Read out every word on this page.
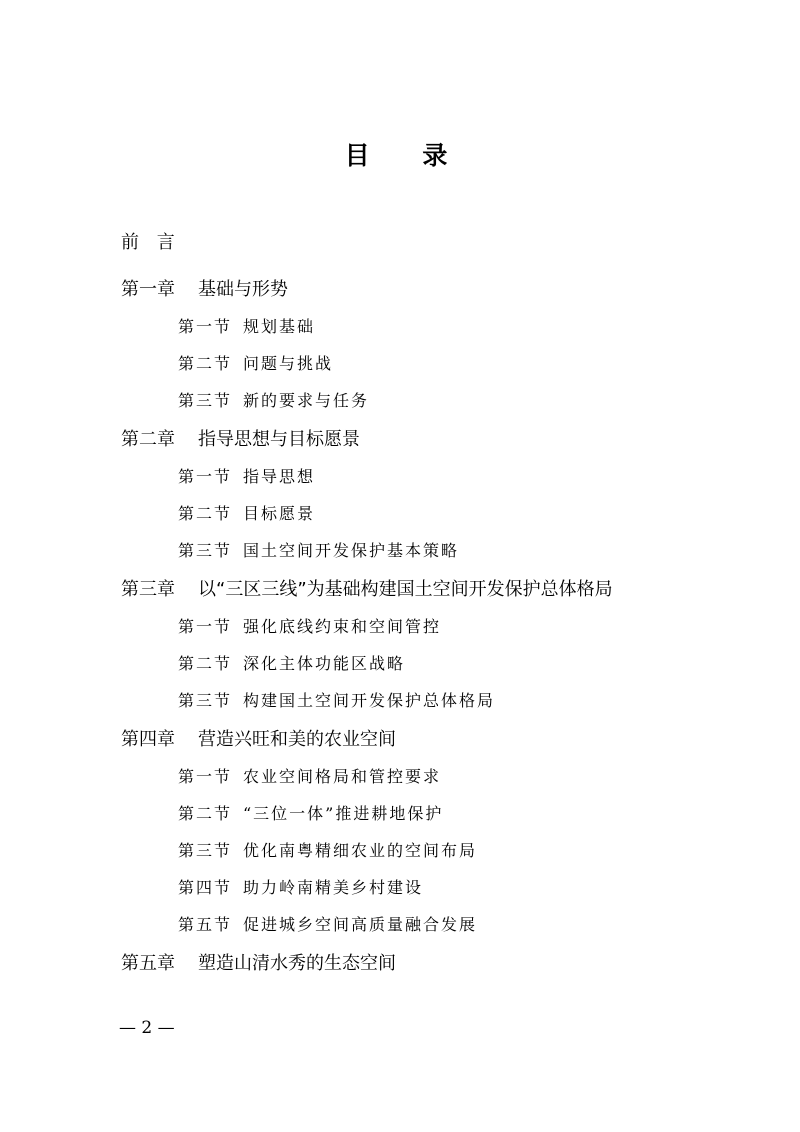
目 录
前 言
第一章	基础与形势
第一节 规划基础
第二节 问题与挑战
第三节 新的要求与任务
第二章	指导思想与目标愿景
第一节 指导思想
第二节 目标愿景
第三节 国土空间开发保护基本策略
第三章	以“三区三线”为基础构建国土空间开发保护总体格局
第一节 强化底线约束和空间管控
第二节 深化主体功能区战略
第三节 构建国土空间开发保护总体格局
第四章	营造兴旺和美的农业空间
第一节 农业空间格局和管控要求
第二节 “三位一体”推进耕地保护
第三节 优化南粤精细农业的空间布局
第四节 助力岭南精美乡村建设
第五节 促进城乡空间高质量融合发展
第五章	塑造山清水秀的生态空间
— 2 —
